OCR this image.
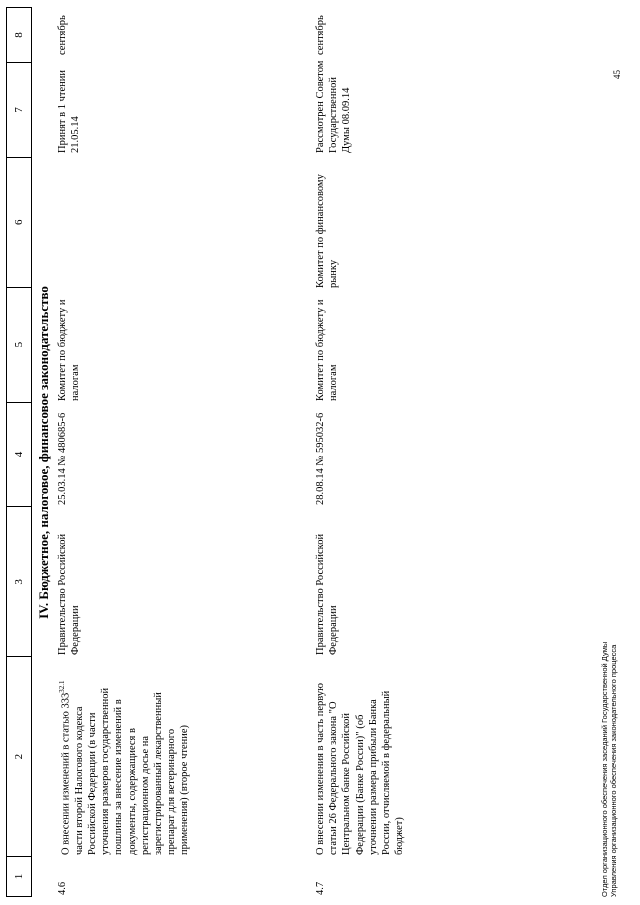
1
2
3
4
5
6
7
8
IV. Бюджетное, налоговое, финансовое законодательство
4.6
О внесении изменений в статью $333^{32.1}$ части второй Налогового кодекса Российской Федерации (в части уточнения размеров государственной пошлины за внесение изменений в документы, содержащиеся в регистрационном досье на зарегистрированный лекарственный препарат для ветеринарного применения) (второе чтение)
Правительство Российской Федерации
25.03.14 № 480685-6
Комитет по бюджету и налогам
Принят в 1 чтении 21.05.14
сентябрь
4.7
О внесении изменения в часть первую статьи 26 Федерального закона "О Центральном банке Российской Федерации (Банке России)" (об уточнении размера прибыли Банка России, отчисляемой в федеральный бюджет)
Правительство Российской Федерации
28.08.14 № 595032-6
Комитет по бюджету и налогам
Комитет по финансовому рынку
Рассмотрен Советом Государственной Думы 08.09.14
сентябрь
Отдел организационного обеспечения заседаний Государственной Думы Управления организационного обеспечения законодательного процесса
45
